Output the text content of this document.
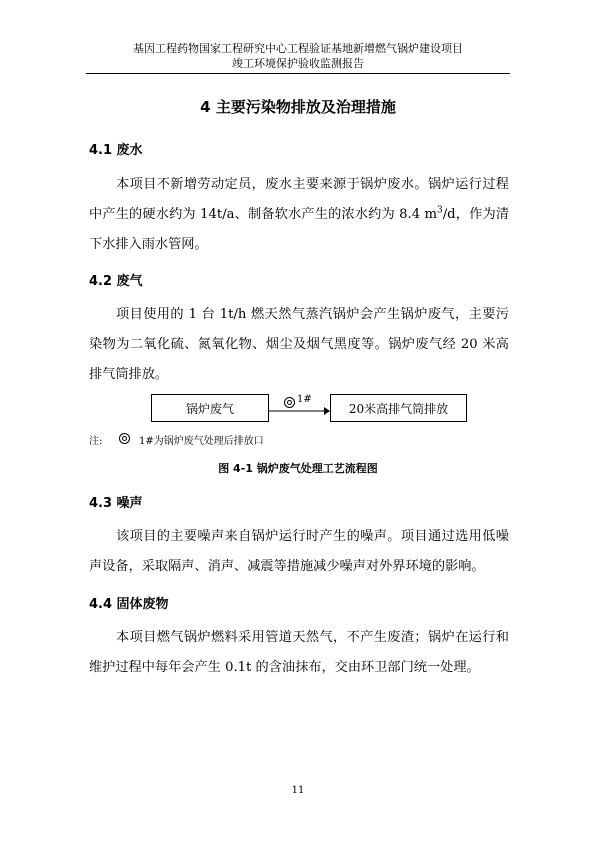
基因工程药物国家工程研究中心工程验证基地新增燃气锅炉建设项目
竣工环境保护验收监测报告
4 主要污染物排放及治理措施
4.1 废水

本项目不新增劳动定员，废水主要来源于锅炉废水。锅炉运行过程中产生的硬水约为 14t/a、制备软水产生的浓水约为 8.4 $m^3/d$，作为清下水排入雨水管网。

4.2 废气

项目使用的 1 台 1t/h 燃天然气蒸汽锅炉会产生锅炉废气，主要污染物为二氧化硫、氮氧化物、烟尘及烟气黑度等。锅炉废气经 20 米高排气筒排放。

锅炉废气
1#
20米高排气筒排放
注:	1#为锅炉废气处理后排放口
图 4-1 锅炉废气处理工艺流程图
4.3 噪声

该项目的主要噪声来自锅炉运行时产生的噪声。项目通过选用低噪声设备，采取隔声、消声、减震等措施减少噪声对外界环境的影响。

4.4 固体废物

本项目燃气锅炉燃料采用管道天然气，不产生废渣；锅炉在运行和维护过程中每年会产生 0.1t 的含油抹布，交由环卫部门统一处理。

11
